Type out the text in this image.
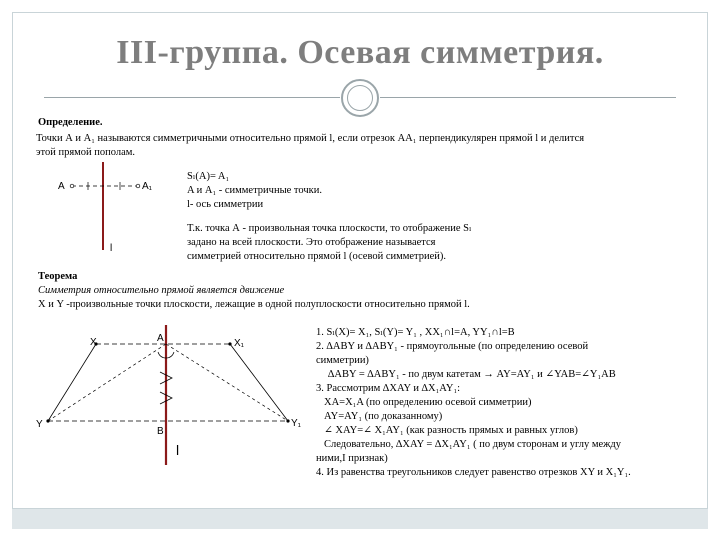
III-группа. Осевая симметрия.
Определение.
Точки А и А₁ называются симметричными относительно прямой l, если отрезок АА₁ перпендикулярен прямой l и делится
этой прямой пополам.
А	А₁
l
Sₗ(A)= A₁
A и A₁ - симметричные точки.
l- ось симметрии
Т.к. точка А - произвольная точка плоскости, то отображение Sₗ
задано на всей плоскости. Это отображение называется
симметрией относительно прямой l (осевой симметрией).
Теорема
Симметрия относительно прямой является движение
X и Y -произвольные точки плоскости, лежащие в одной полуплоскости относительно прямой l.
X	A	X₁
Y
B
Y₁
l
1. Sₗ(X)= X₁, Sₗ(Y)= Y₁ , XX₁∩l=A, YY₁∩l=B
2. ∆ABY и ∆ABY₁ - прямоугольные (по определению осевой
симметрии)
∆ABY = ∆ABY₁ - по двум катетам → AY=AY₁ и ∠YAB=∠Y₁AB
3. Рассмотрим ∆XAY и ∆X₁AY₁:
XA=X₁A (по определению осевой симметрии)
AY=AY₁ (по доказанному)
∠ XAY=∠ X₁AY₁ (как разность прямых и равных углов)
Следовательно, ∆XAY = ∆X₁AY₁ ( по двум сторонам и углу между
ними,I признак)
4. Из равенства треугольников следует равенство отрезков XY и X₁Y₁.
